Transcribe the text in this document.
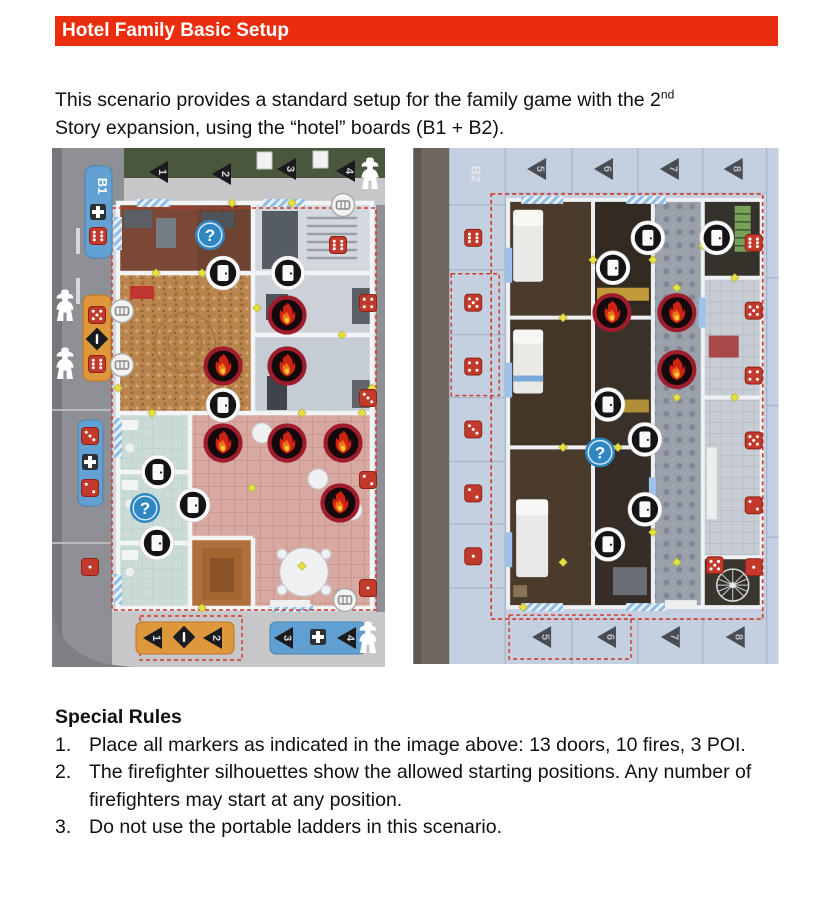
Hotel Family Basic Setup

This scenario provides a standard setup for the family game with the 2nd
Story expansion, using the “hotel” boards (B1 + B2).

B1
1	2
3	4
1	2	3	4
?
?
B2	5	6	7	8
5	6	7	8
?
Special Rules
1. Place all markers as indicated in the image above: 13 doors, 10 fires, 3 POI.
2. The firefighter silhouettes show the allowed starting positions. Any number of firefighters may start at any position.
3. Do not use the portable ladders in this scenario.
